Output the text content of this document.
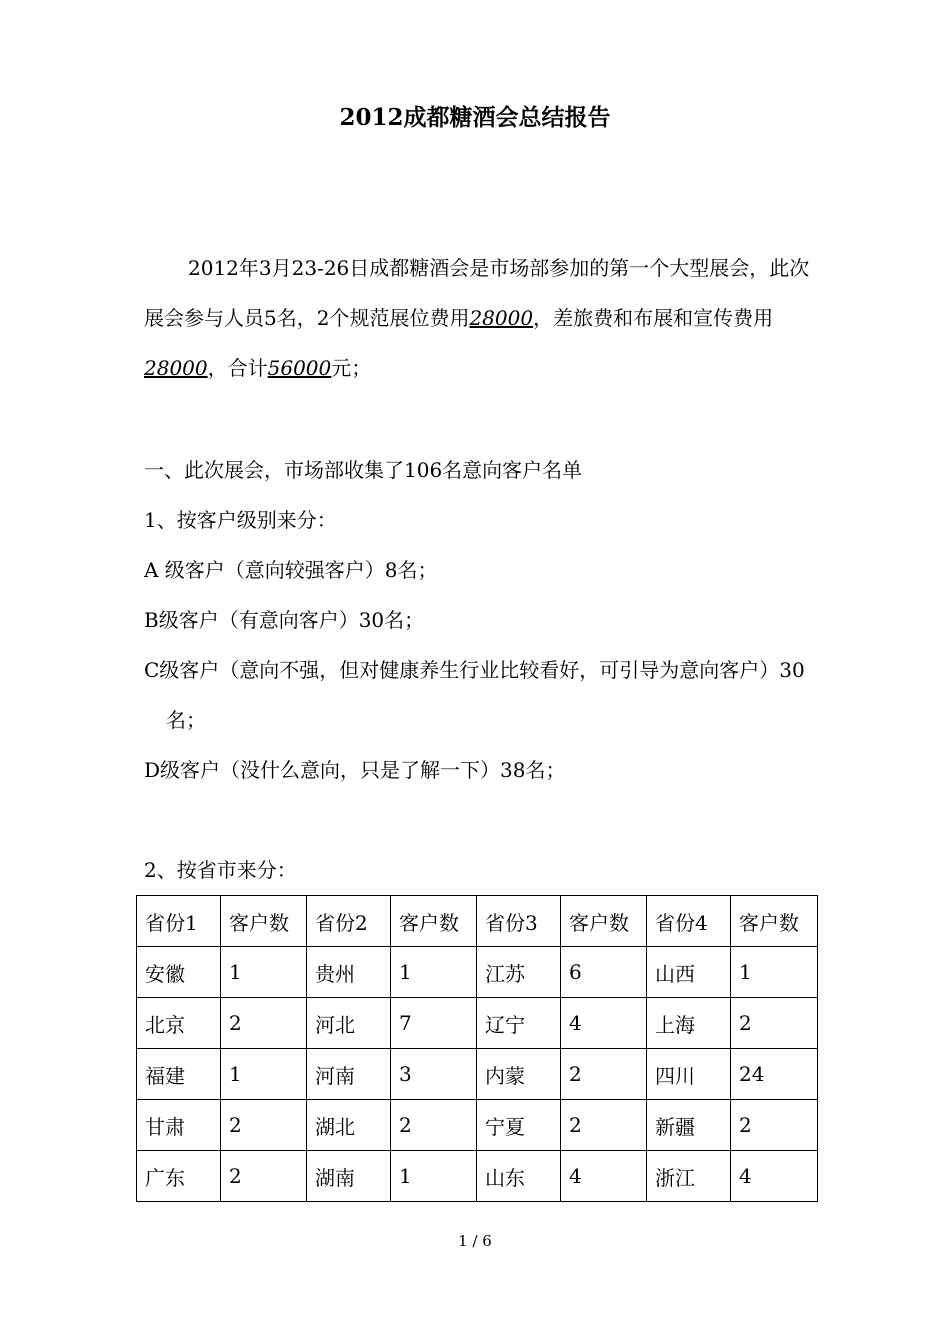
2012成都糖酒会总结报告
2012年3月23-26日成都糖酒会是市场部参加的第一个大型展会，此次展会参与人员5名，2个规范展位费用28000，差旅费和布展和宣传费用28000，合计56000元；
一、此次展会，市场部收集了106名意向客户名单
1、按客户级别来分：
A 级客户（意向较强客户）8名；
B级客户（有意向客户）30名；
C级客户（意向不强，但对健康养生行业比较看好，可引导为意向客户）30名；
D级客户（没什么意向，只是了解一下）38名；
2、按省市来分：
省份1	客户数	省份2	客户数	省份3	客户数	省份4	客户数
安徽	1	贵州	1	江苏	6	山西	1
北京	2	河北	7	辽宁	4	上海	2
福建	1	河南	3	内蒙	2	四川	24
甘肃	2	湖北	2	宁夏	2	新疆	2
广东	2	湖南	1	山东	4	浙江	4
1 / 6
